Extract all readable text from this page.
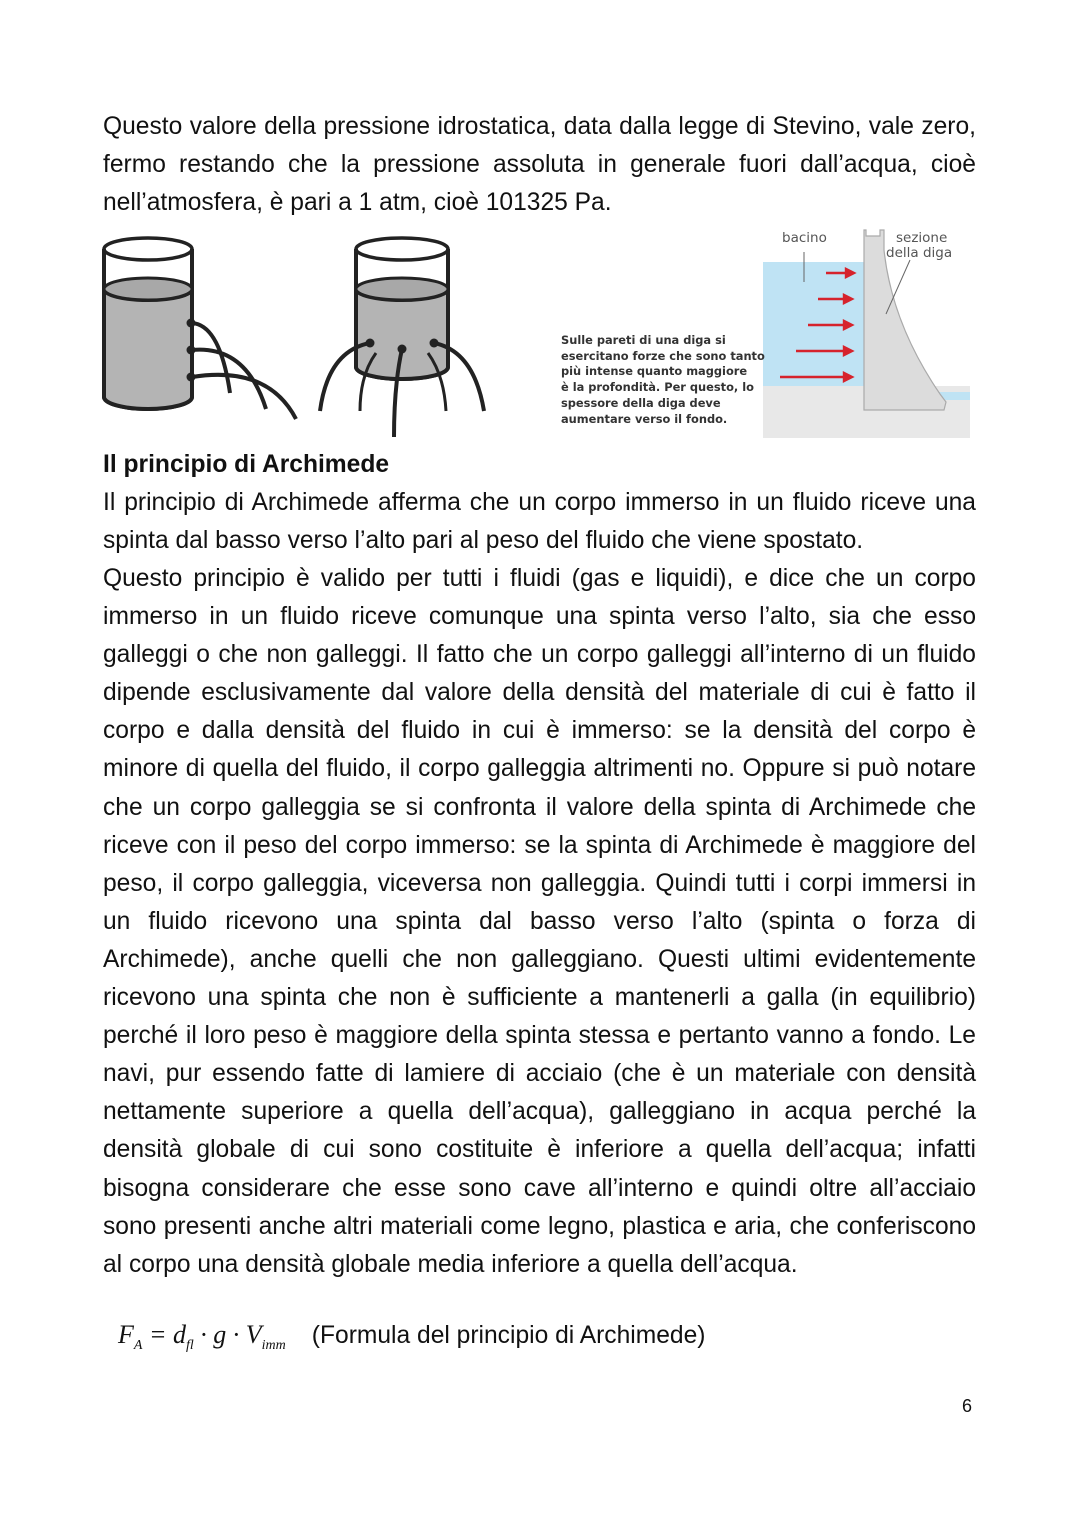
Questo valore della pressione idrostatica, data dalla legge di Stevino, vale zero, fermo restando che la pressione assoluta in generale fuori dall’acqua, cioè nell’atmosfera, è pari a 1 atm, cioè 101325 Pa.

bacino	sezione
della diga
Sulle pareti di una diga si
esercitano forze che sono tanto
più intense quanto maggiore
è la profondità. Per questo, lo
spessore della diga deve
aumentare verso il fondo.
Il principio di Archimede

Il principio di Archimede afferma che un corpo immerso in un fluido riceve una spinta dal basso verso l’alto pari al peso del fluido che viene spostato.

Questo principio è valido per tutti i fluidi (gas e liquidi), e dice che un corpo immerso in un fluido riceve comunque una spinta verso l’alto, sia che esso galleggi o che non galleggi. Il fatto che un corpo galleggi all’interno di un fluido dipende esclusivamente dal valore della densità del materiale di cui è fatto il corpo e dalla densità del fluido in cui è immerso: se la densità del corpo è minore di quella del fluido, il corpo galleggia altrimenti no. Oppure si può notare che un corpo galleggia se si confronta il valore della spinta di Archimede che riceve con il peso del corpo immerso: se la spinta di Archimede è maggiore del peso, il corpo galleggia, viceversa non galleggia. Quindi tutti i corpi immersi in un fluido ricevono una spinta dal basso verso l’alto (spinta o forza di Archimede), anche quelli che non galleggiano. Questi ultimi evidentemente ricevono una spinta che non è sufficiente a mantenerli a galla (in equilibrio) perché il loro peso è maggiore della spinta stessa e pertanto vanno a fondo. Le navi, pur essendo fatte di lamiere di acciaio (che è un materiale con densità nettamente superiore a quella dell’acqua), galleggiano in acqua perché la densità globale di cui sono costituite è inferiore a quella dell’acqua; infatti bisogna considerare che esse sono cave all’interno e quindi oltre all’acciaio sono presenti anche altri materiali come legno, plastica e aria, che conferiscono al corpo una densità globale media inferiore a quella dell’acqua.

$F_A = d_{fl} \cdot g \cdot V_{imm}$ (Formula del principio di Archimede)
6
